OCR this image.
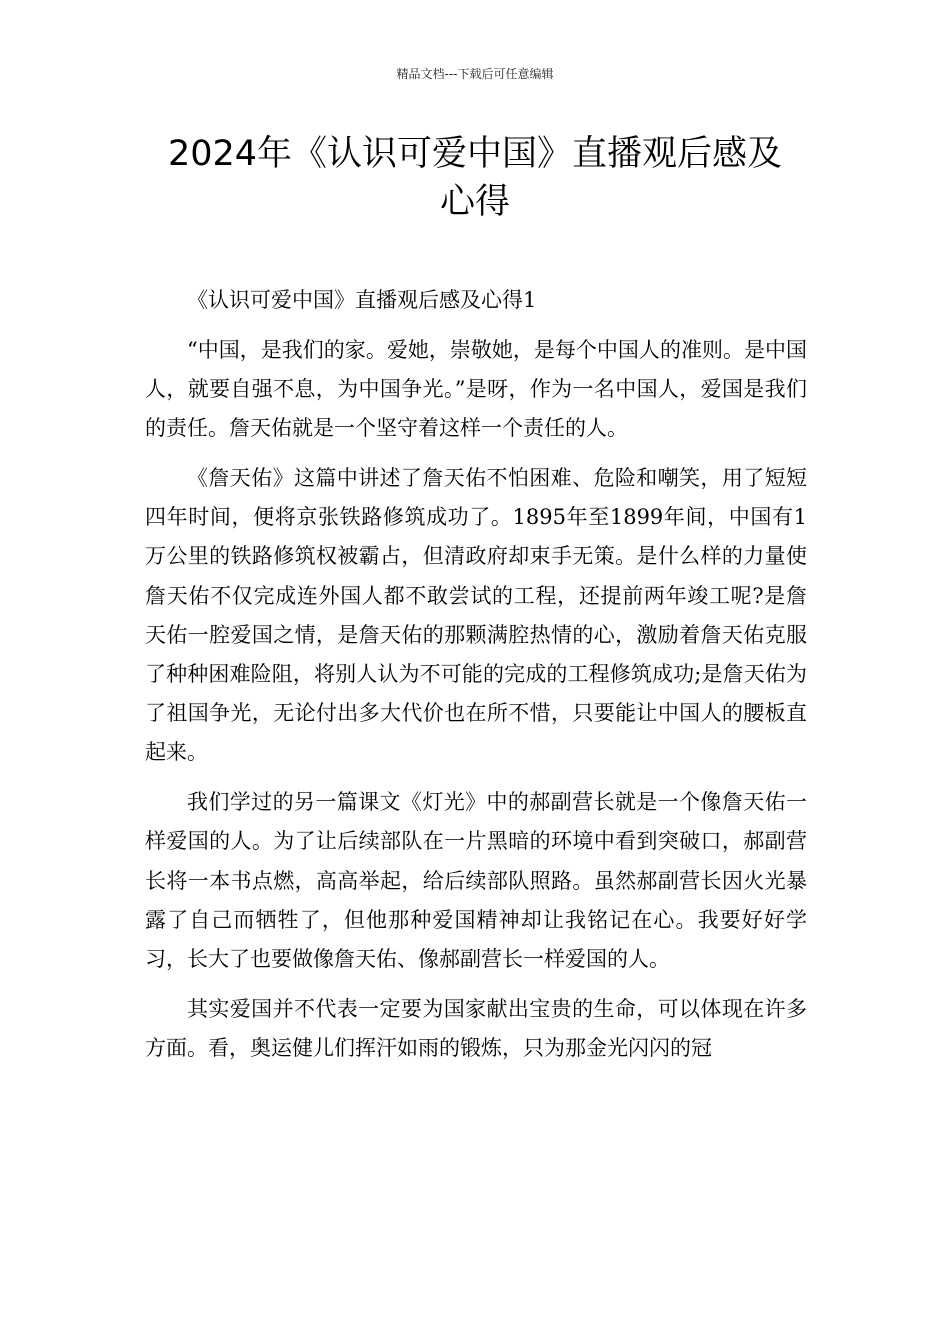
精品文档---下载后可任意编辑
2024年《认识可爱中国》直播观后感及
心得

《认识可爱中国》直播观后感及心得1

“中国，是我们的家。爱她，崇敬她，是每个中国人的准则。是中国人，就要自强不息，为中国争光。”是呀，作为一名中国人，爱国是我们的责任。詹天佑就是一个坚守着这样一个责任的人。

《詹天佑》这篇中讲述了詹天佑不怕困难、危险和嘲笑，用了短短四年时间，便将京张铁路修筑成功了。1895年至1899年间，中国有1万公里的铁路修筑权被霸占，但清政府却束手无策。是什么样的力量使詹天佑不仅完成连外国人都不敢尝试的工程，还提前两年竣工呢?是詹天佑一腔爱国之情，是詹天佑的那颗满腔热情的心，激励着詹天佑克服了种种困难险阻，将别人认为不可能的完成的工程修筑成功;是詹天佑为了祖国争光，无论付出多大代价也在所不惜，只要能让中国人的腰板直起来。

我们学过的另一篇课文《灯光》中的郝副营长就是一个像詹天佑一样爱国的人。为了让后续部队在一片黑暗的环境中看到突破口，郝副营长将一本书点燃，高高举起，给后续部队照路。虽然郝副营长因火光暴露了自己而牺牲了，但他那种爱国精神却让我铭记在心。我要好好学习，长大了也要做像詹天佑、像郝副营长一样爱国的人。

其实爱国并不代表一定要为国家献出宝贵的生命，可以体现在许多方面。看，奥运健儿们挥汗如雨的锻炼，只为那金光闪闪的冠
